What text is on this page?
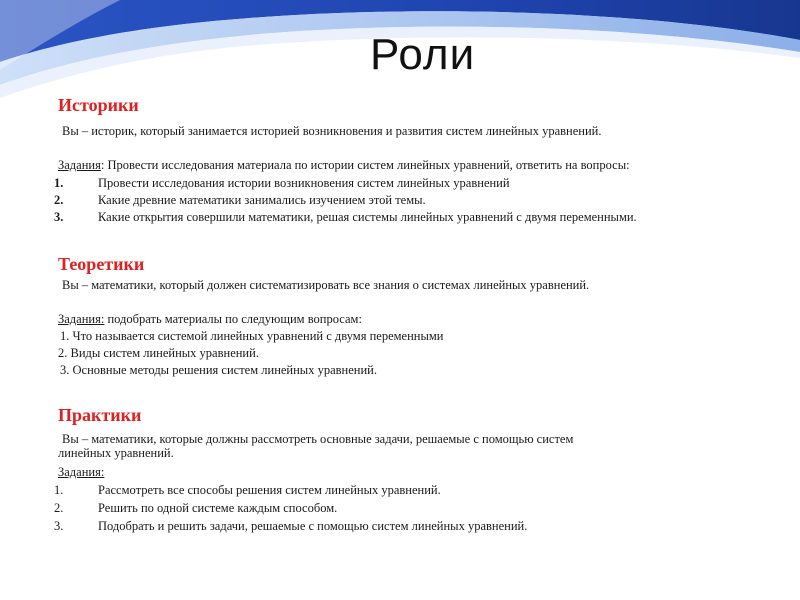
Роли
Историки
Вы – историк, который занимается историей возникновения и развития систем линейных уравнений.
Задания: Провести исследования материала по истории систем линейных уравнений, ответить на вопросы:
1.	Провести исследования истории возникновения систем линейных уравнений
2.	Какие древние математики занимались изучением этой темы.
3.	Какие открытия совершили математики, решая системы линейных уравнений с двумя переменными.
Теоретики
Вы – математики, который должен систематизировать все знания о системах линейных уравнений.
Задания: подобрать материалы по следующим вопросам:
1. Что называется системой линейных уравнений с двумя переменными
2. Виды систем линейных уравнений.
3. Основные методы решения систем линейных уравнений.
Практики
Вы – математики, которые должны рассмотреть основные задачи, решаемые с помощью систем
линейных уравнений.
Задания:
1.	Рассмотреть все способы решения систем линейных уравнений.
2.	Решить по одной системе каждым способом.
3.	Подобрать и решить задачи, решаемые с помощью систем линейных уравнений.
